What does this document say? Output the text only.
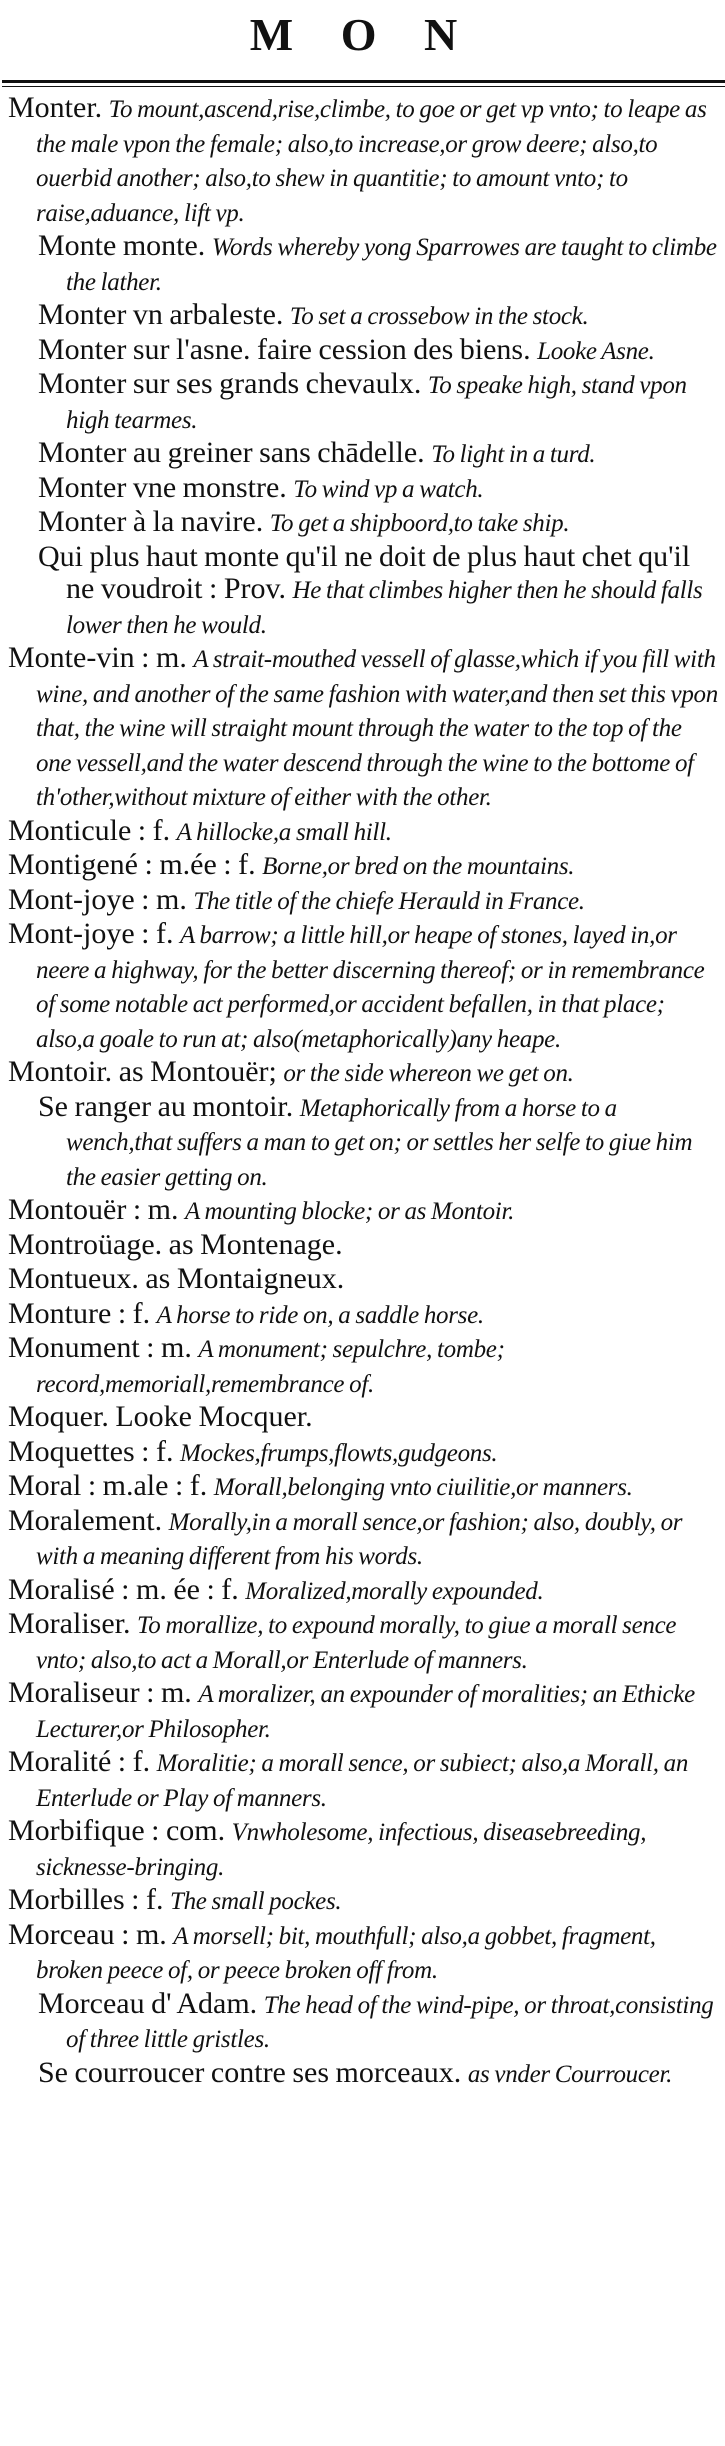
M O N

Monter. To mount,ascend,rise,climbe, to goe or get vp vnto; to leape as the male vpon the female; also,to increase,or grow deere; also,to ouerbid another; also,to shew in quantitie; to amount vnto; to raise,aduance, lift vp.

Monte monte. Words whereby yong Sparrowes are taught to climbe the lather.

Monter vn arbaleste. To set a crossebow in the stock.

Monter sur l'asne. faire cession des biens. Looke Asne.

Monter sur ses grands chevaulx. To speake high, stand vpon high tearmes.

Monter au greiner sans chādelle. To light in a turd.

Monter vne monstre. To wind vp a watch.

Monter à la navire. To get a shipboord,to take ship.

Qui plus haut monte qu'il ne doit de plus haut chet qu'il ne voudroit : Prov. He that climbes higher then he should falls lower then he would.

Monte-vin : m. A strait-mouthed vessell of glasse,which if you fill with wine, and another of the same fashion with water,and then set this vpon that, the wine will straight mount through the water to the top of the one vessell,and the water descend through the wine to the bottome of th'other,without mixture of either with the other.

Monticule : f. A hillocke,a small hill.

Montigené : m.ée : f. Borne,or bred on the mountains.

Mont-joye : m. The title of the chiefe Herauld in France.

Mont-joye : f. A barrow; a little hill,or heape of stones, layed in,or neere a highway, for the better discerning thereof; or in remembrance of some notable act performed,or accident befallen, in that place; also,a goale to run at; also(metaphorically)any heape.

Montoir. as Montouër; or the side whereon we get on.

Se ranger au montoir. Metaphorically from a horse to a wench,that suffers a man to get on; or settles her selfe to giue him the easier getting on.

Montouër : m. A mounting blocke; or as Montoir.

Montroüage. as Montenage.

Montueux. as Montaigneux.

Monture : f. A horse to ride on, a saddle horse.

Monument : m. A monument; sepulchre, tombe; record,memoriall,remembrance of.

Moquer. Looke Mocquer.

Moquettes : f. Mockes,frumps,flowts,gudgeons.

Moral : m.ale : f. Morall,belonging vnto ciuilitie,or manners.

Moralement. Morally,in a morall sence,or fashion; also, doubly, or with a meaning different from his words.

Moralisé : m. ée : f. Moralized,morally expounded.

Moraliser. To morallize, to expound morally, to giue a morall sence vnto; also,to act a Morall,or Enterlude of manners.

Moraliseur : m. A moralizer, an expounder of moralities; an Ethicke Lecturer,or Philosopher.

Moralité : f. Moralitie; a morall sence, or subiect; also,a Morall, an Enterlude or Play of manners.

Morbifique : com. Vnwholesome, infectious, diseasebreeding, sicknesse-bringing.

Morbilles : f. The small pockes.

Morceau : m. A morsell; bit, mouthfull; also,a gobbet, fragment, broken peece of, or peece broken off from.

Morceau d' Adam. The head of the wind-pipe, or throat,consisting of three little gristles.

Se courroucer contre ses morceaux. as vnder Courroucer.
